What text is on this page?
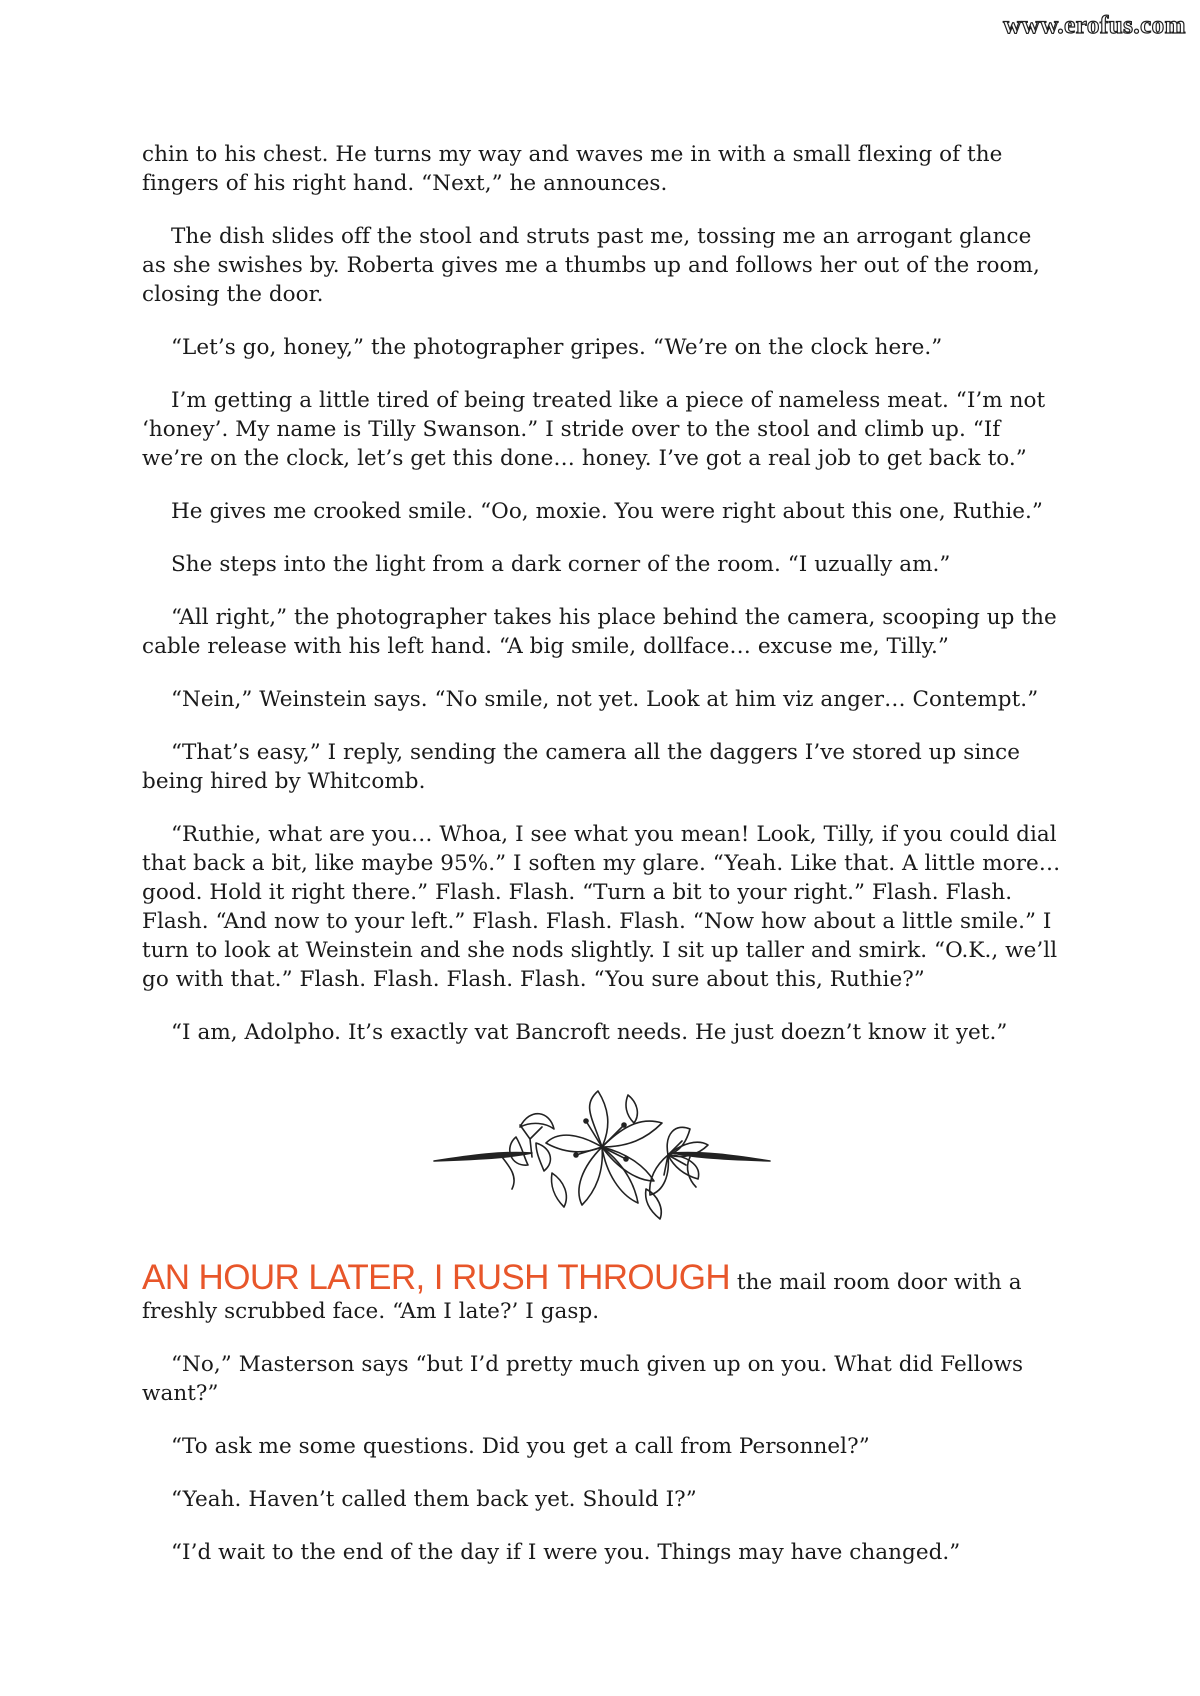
www.erofus.com

chin to his chest. He turns my way and waves me in with a small flexing of the fingers of his right hand. “Next,” he announces.

The dish slides off the stool and struts past me, tossing me an arrogant glance as she swishes by. Roberta gives me a thumbs up and follows her out of the room, closing the door.

“Let’s go, honey,” the photographer gripes. “We’re on the clock here.”

I’m getting a little tired of being treated like a piece of nameless meat. “I’m not ‘honey’. My name is Tilly Swanson.” I stride over to the stool and climb up. “If we’re on the clock, let’s get this done… honey. I’ve got a real job to get back to.”

He gives me crooked smile. “Oo, moxie. You were right about this one, Ruthie.”

She steps into the light from a dark corner of the room. “I uzually am.”

“All right,” the photographer takes his place behind the camera, scooping up the cable release with his left hand. “A big smile, dollface… excuse me, Tilly.”

“Nein,” Weinstein says. “No smile, not yet. Look at him viz anger… Contempt.”

“That’s easy,” I reply, sending the camera all the daggers I’ve stored up since being hired by Whitcomb.

“Ruthie, what are you… Whoa, I see what you mean! Look, Tilly, if you could dial that back a bit, like maybe 95%.” I soften my glare. “Yeah. Like that. A little more… good. Hold it right there.” Flash. Flash. “Turn a bit to your right.” Flash. Flash. Flash. “And now to your left.” Flash. Flash. Flash. “Now how about a little smile.” I turn to look at Weinstein and she nods slightly. I sit up taller and smirk. “O.K., we’ll go with that.” Flash. Flash. Flash. Flash. “You sure about this, Ruthie?”

“I am, Adolpho. It’s exactly vat Bancroft needs. He just doezn’t know it yet.”

AN HOUR LATER, I RUSH THROUGH the mail room door with a freshly scrubbed face. “Am I late?’ I gasp.

“No,” Masterson says “but I’d pretty much given up on you. What did Fellows want?”

“To ask me some questions. Did you get a call from Personnel?”

“Yeah. Haven’t called them back yet. Should I?”

“I’d wait to the end of the day if I were you. Things may have changed.”
